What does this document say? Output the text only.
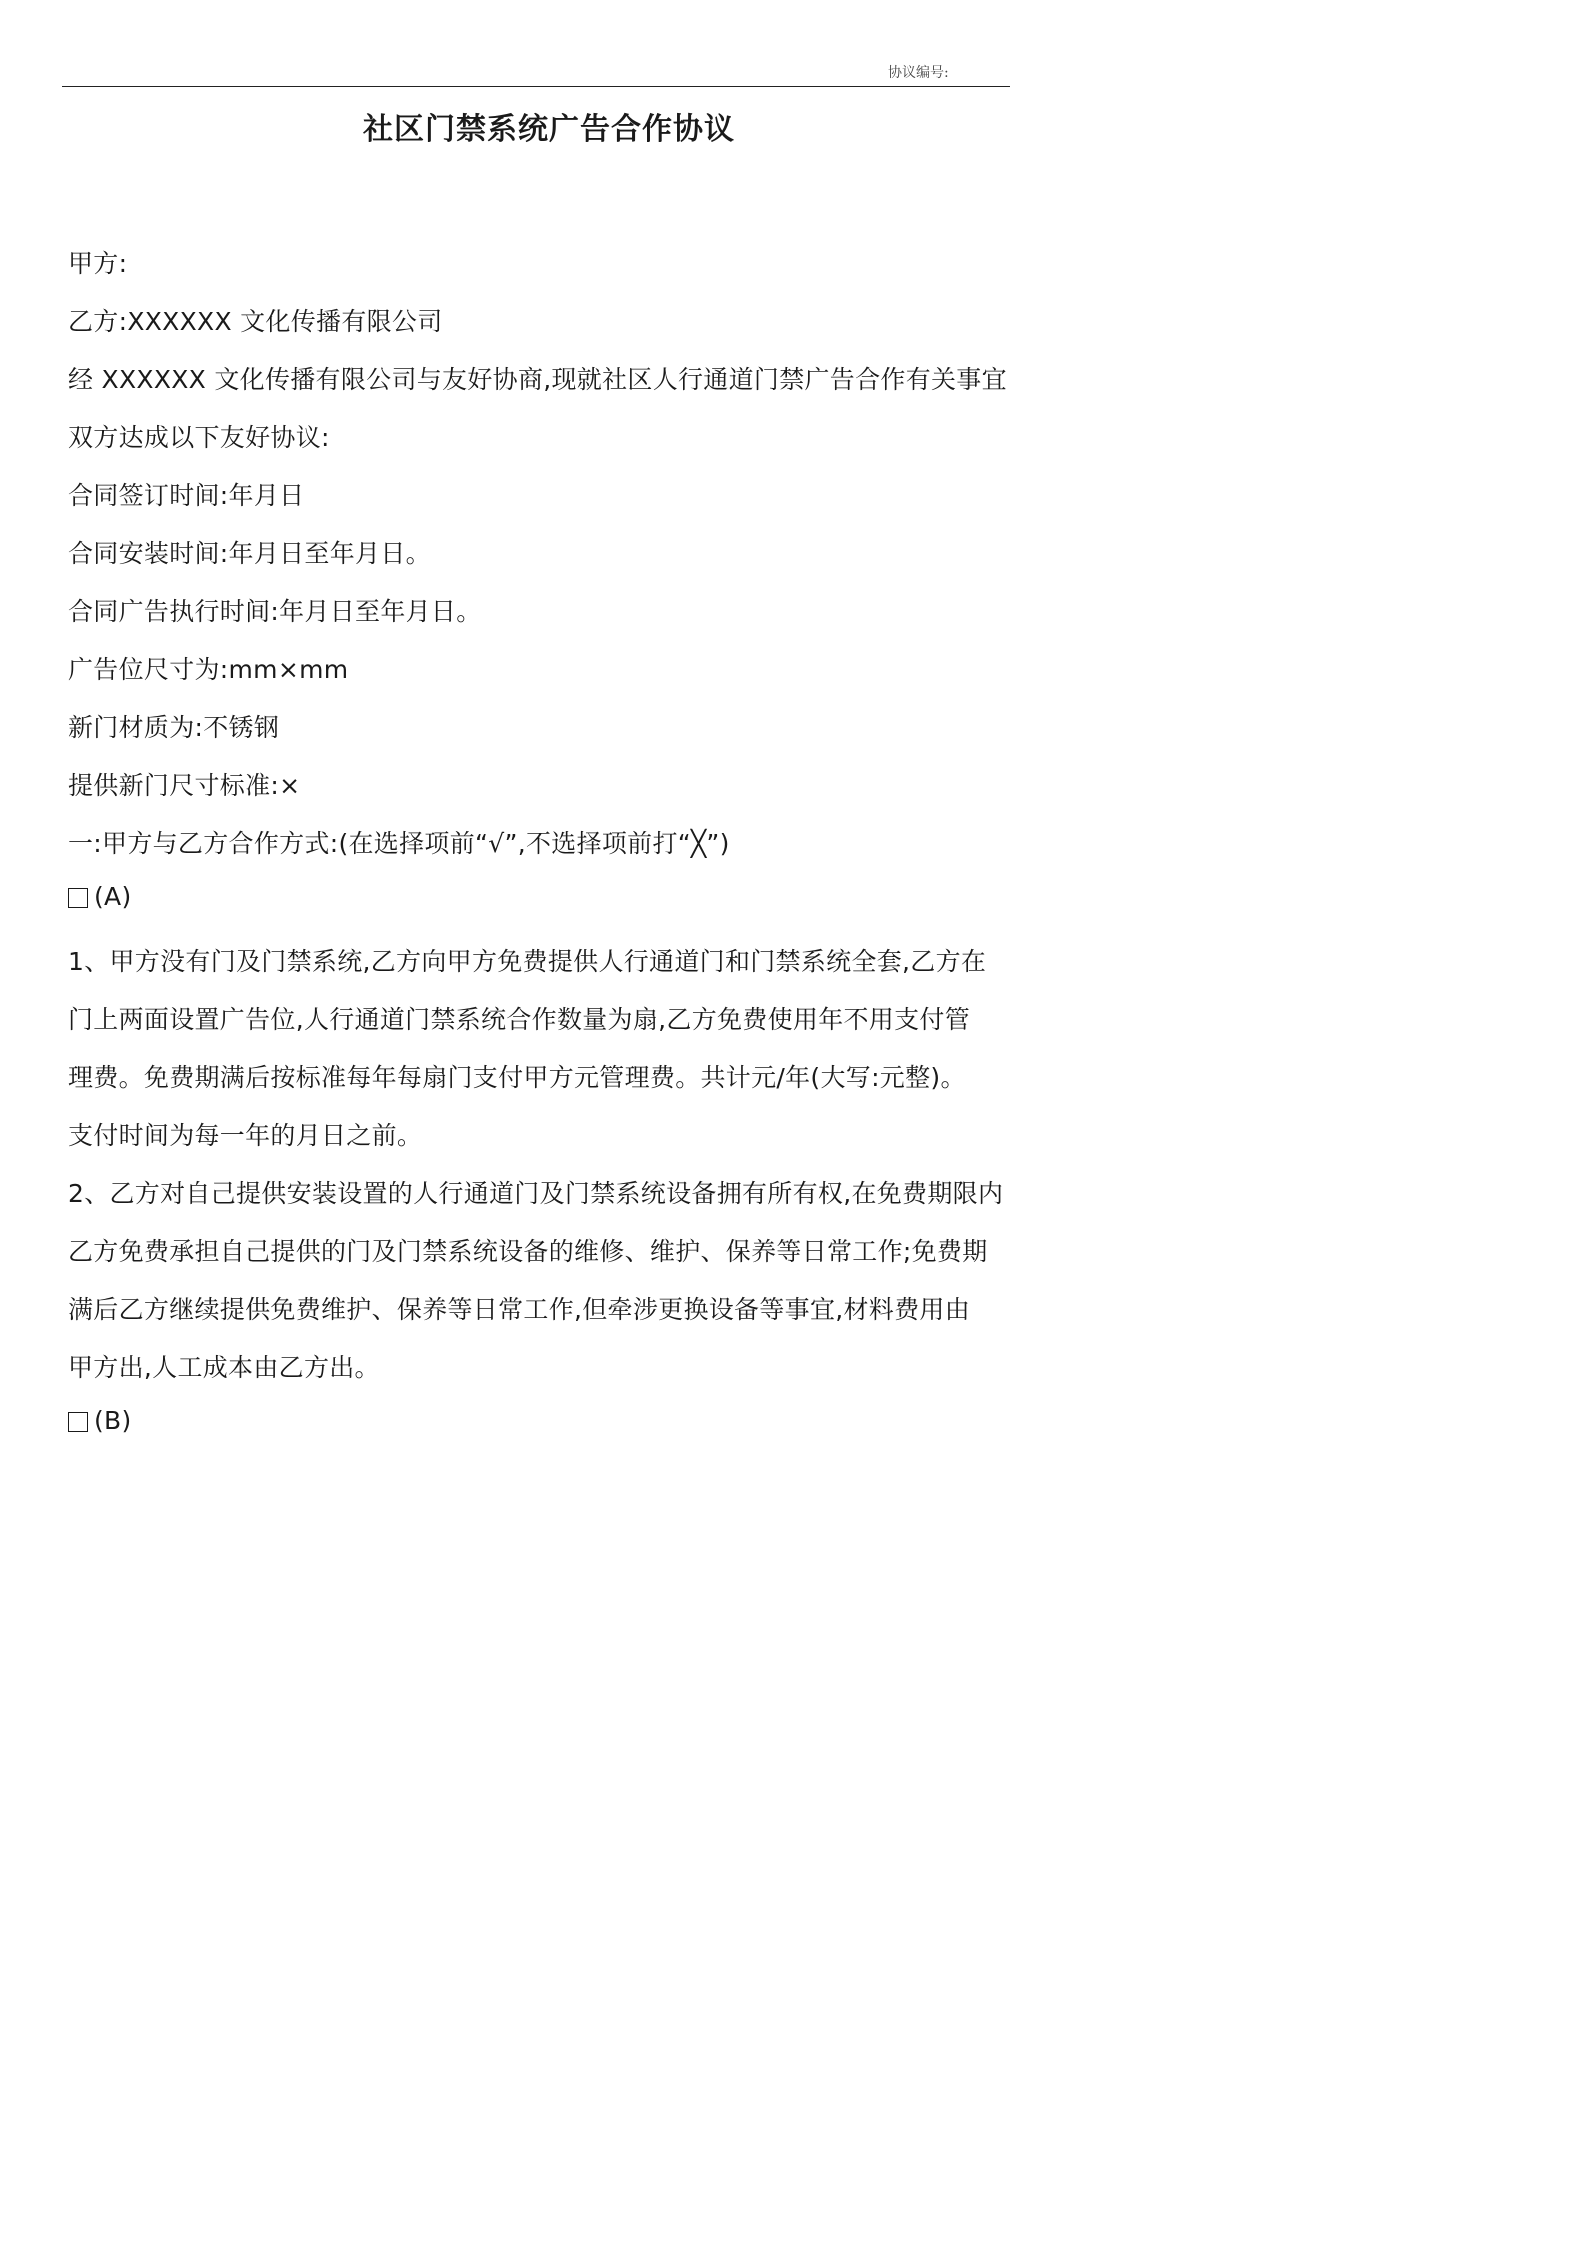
协议编号:
社区门禁系统广告合作协议
甲方:
乙方:XXXXXX 文化传播有限公司
经 XXXXXX 文化传播有限公司与友好协商,现就社区人行通道门禁广告合作有关事宜
双方达成以下友好协议:
合同签订时间:年月日
合同安装时间:年月日至年月日。
合同广告执行时间:年月日至年月日。
广告位尺寸为:mm×mm
新门材质为:不锈钢
提供新门尺寸标准:×
一:甲方与乙方合作方式:(在选择项前“√”,不选择项前打“╳”)
(A)
1、甲方没有门及门禁系统,乙方向甲方免费提供人行通道门和门禁系统全套,乙方在
门上两面设置广告位,人行通道门禁系统合作数量为扇,乙方免费使用年不用支付管
理费。免费期满后按标准每年每扇门支付甲方元管理费。共计元/年(大写:元整)。
支付时间为每一年的月日之前。
2、乙方对自己提供安装设置的人行通道门及门禁系统设备拥有所有权,在免费期限内
乙方免费承担自己提供的门及门禁系统设备的维修、维护、保养等日常工作;免费期
满后乙方继续提供免费维护、保养等日常工作,但牵涉更换设备等事宜,材料费用由
甲方出,人工成本由乙方出。
(B)
